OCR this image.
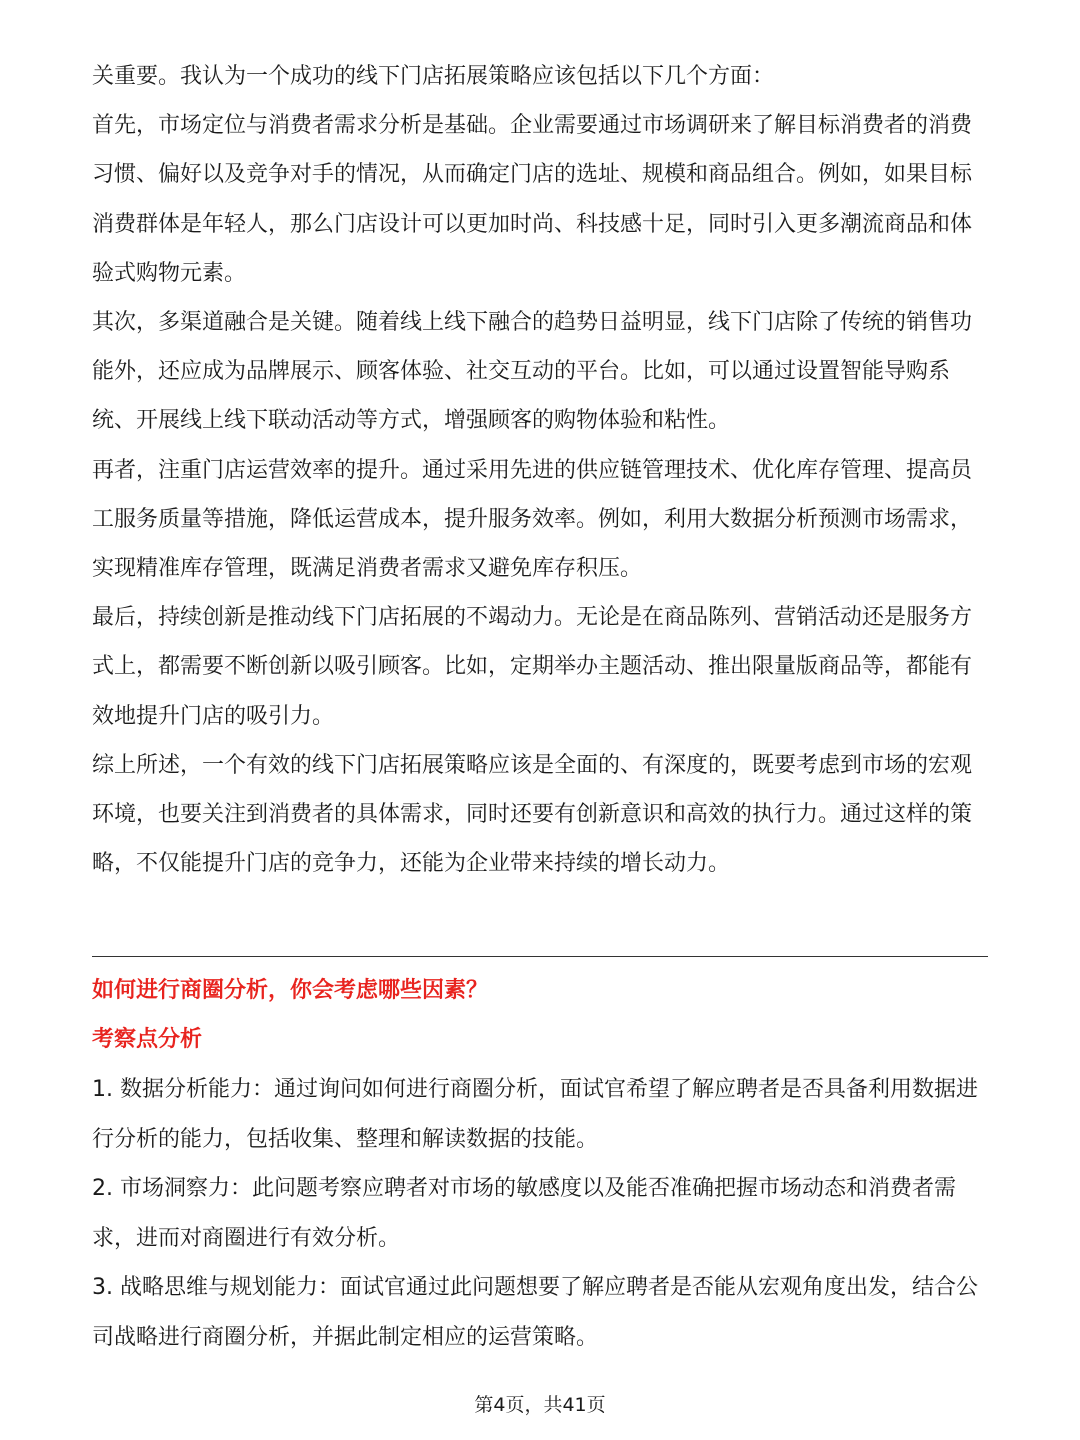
关重要。我认为一个成功的线下门店拓展策略应该包括以下几个方面：

首先，市场定位与消费者需求分析是基础。企业需要通过市场调研来了解目标消费者的消费习惯、偏好以及竞争对手的情况，从而确定门店的选址、规模和商品组合。例如，如果目标消费群体是年轻人，那么门店设计可以更加时尚、科技感十足，同时引入更多潮流商品和体验式购物元素。

其次，多渠道融合是关键。随着线上线下融合的趋势日益明显，线下门店除了传统的销售功能外，还应成为品牌展示、顾客体验、社交互动的平台。比如，可以通过设置智能导购系统、开展线上线下联动活动等方式，增强顾客的购物体验和粘性。

再者，注重门店运营效率的提升。通过采用先进的供应链管理技术、优化库存管理、提高员工服务质量等措施，降低运营成本，提升服务效率。例如，利用大数据分析预测市场需求，实现精准库存管理，既满足消费者需求又避免库存积压。

最后，持续创新是推动线下门店拓展的不竭动力。无论是在商品陈列、营销活动还是服务方式上，都需要不断创新以吸引顾客。比如，定期举办主题活动、推出限量版商品等，都能有效地提升门店的吸引力。

综上所述，一个有效的线下门店拓展策略应该是全面的、有深度的，既要考虑到市场的宏观环境，也要关注到消费者的具体需求，同时还要有创新意识和高效的执行力。通过这样的策略，不仅能提升门店的竞争力，还能为企业带来持续的增长动力。

如何进行商圈分析，你会考虑哪些因素？

考察点分析

1. 数据分析能力：通过询问如何进行商圈分析，面试官希望了解应聘者是否具备利用数据进行分析的能力，包括收集、整理和解读数据的技能。

2. 市场洞察力：此问题考察应聘者对市场的敏感度以及能否准确把握市场动态和消费者需求，进而对商圈进行有效分析。

3. 战略思维与规划能力：面试官通过此问题想要了解应聘者是否能从宏观角度出发，结合公司战略进行商圈分析，并据此制定相应的运营策略。

第4页，共41页
